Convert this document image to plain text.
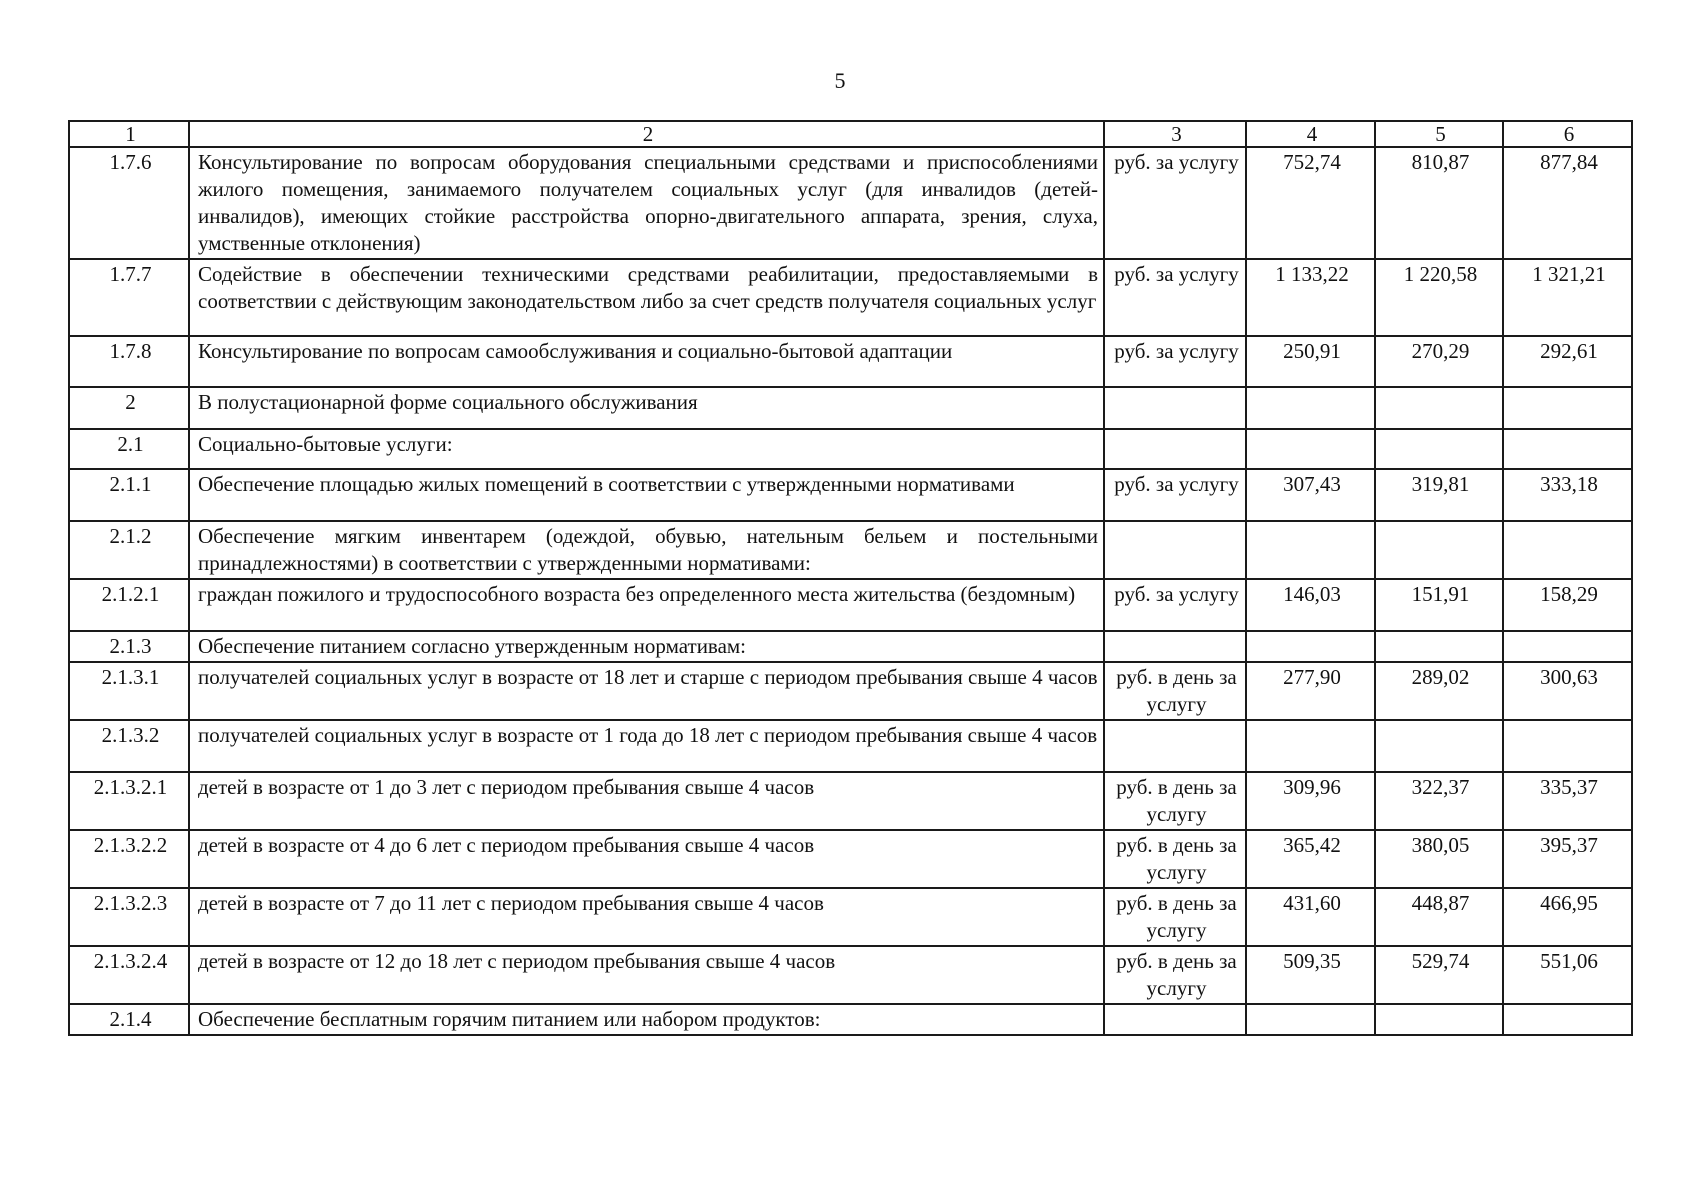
5
1	2	3	4	5	6
1.7.6	Консультирование по вопросам оборудования специальными средствами и приспособлениями жилого помещения, занимаемого получателем социальных услуг (для инвалидов (детей-инвалидов), имеющих стойкие расстройства опорно-двигательного аппарата, зрения, слуха, умственные отклонения)	руб. за услугу	752,74	810,87	877,84
1.7.7	Содействие в обеспечении техническими средствами реабилитации, предоставляемыми в соответствии с действующим законодательством либо за счет средств получателя социальных услуг	руб. за услугу	1 133,22	1 220,58	1 321,21
1.7.8	Консультирование по вопросам самообслуживания и социально-бытовой адаптации	руб. за услугу	250,91	270,29	292,61
2	В полустационарной форме социального обслуживания				
2.1	Социально-бытовые услуги:				
2.1.1	Обеспечение площадью жилых помещений в соответствии с утвержденными нормативами	руб. за услугу	307,43	319,81	333,18
2.1.2	Обеспечение мягким инвентарем (одеждой, обувью, нательным бельем и постельными принадлежностями) в соответствии с утвержденными нормативами:				
2.1.2.1	граждан пожилого и трудоспособного возраста без определенного места жительства (бездомным)	руб. за услугу	146,03	151,91	158,29
2.1.3	Обеспечение питанием согласно утвержденным нормативам:				
2.1.3.1	получателей социальных услуг в возрасте от 18 лет и старше с периодом пребывания свыше 4 часов	руб. в день за услугу	277,90	289,02	300,63
2.1.3.2	получателей социальных услуг в возрасте от 1 года до 18 лет с периодом пребывания свыше 4 часов				
2.1.3.2.1	детей в возрасте от 1 до 3 лет с периодом пребывания свыше 4 часов	руб. в день за услугу	309,96	322,37	335,37
2.1.3.2.2	детей в возрасте от 4 до 6 лет с периодом пребывания свыше 4 часов	руб. в день за услугу	365,42	380,05	395,37
2.1.3.2.3	детей в возрасте от 7 до 11 лет с периодом пребывания свыше 4 часов	руб. в день за услугу	431,60	448,87	466,95
2.1.3.2.4	детей в возрасте от 12 до 18 лет с периодом пребывания свыше 4 часов	руб. в день за услугу	509,35	529,74	551,06
2.1.4	Обеспечение бесплатным горячим питанием или набором продуктов:				
